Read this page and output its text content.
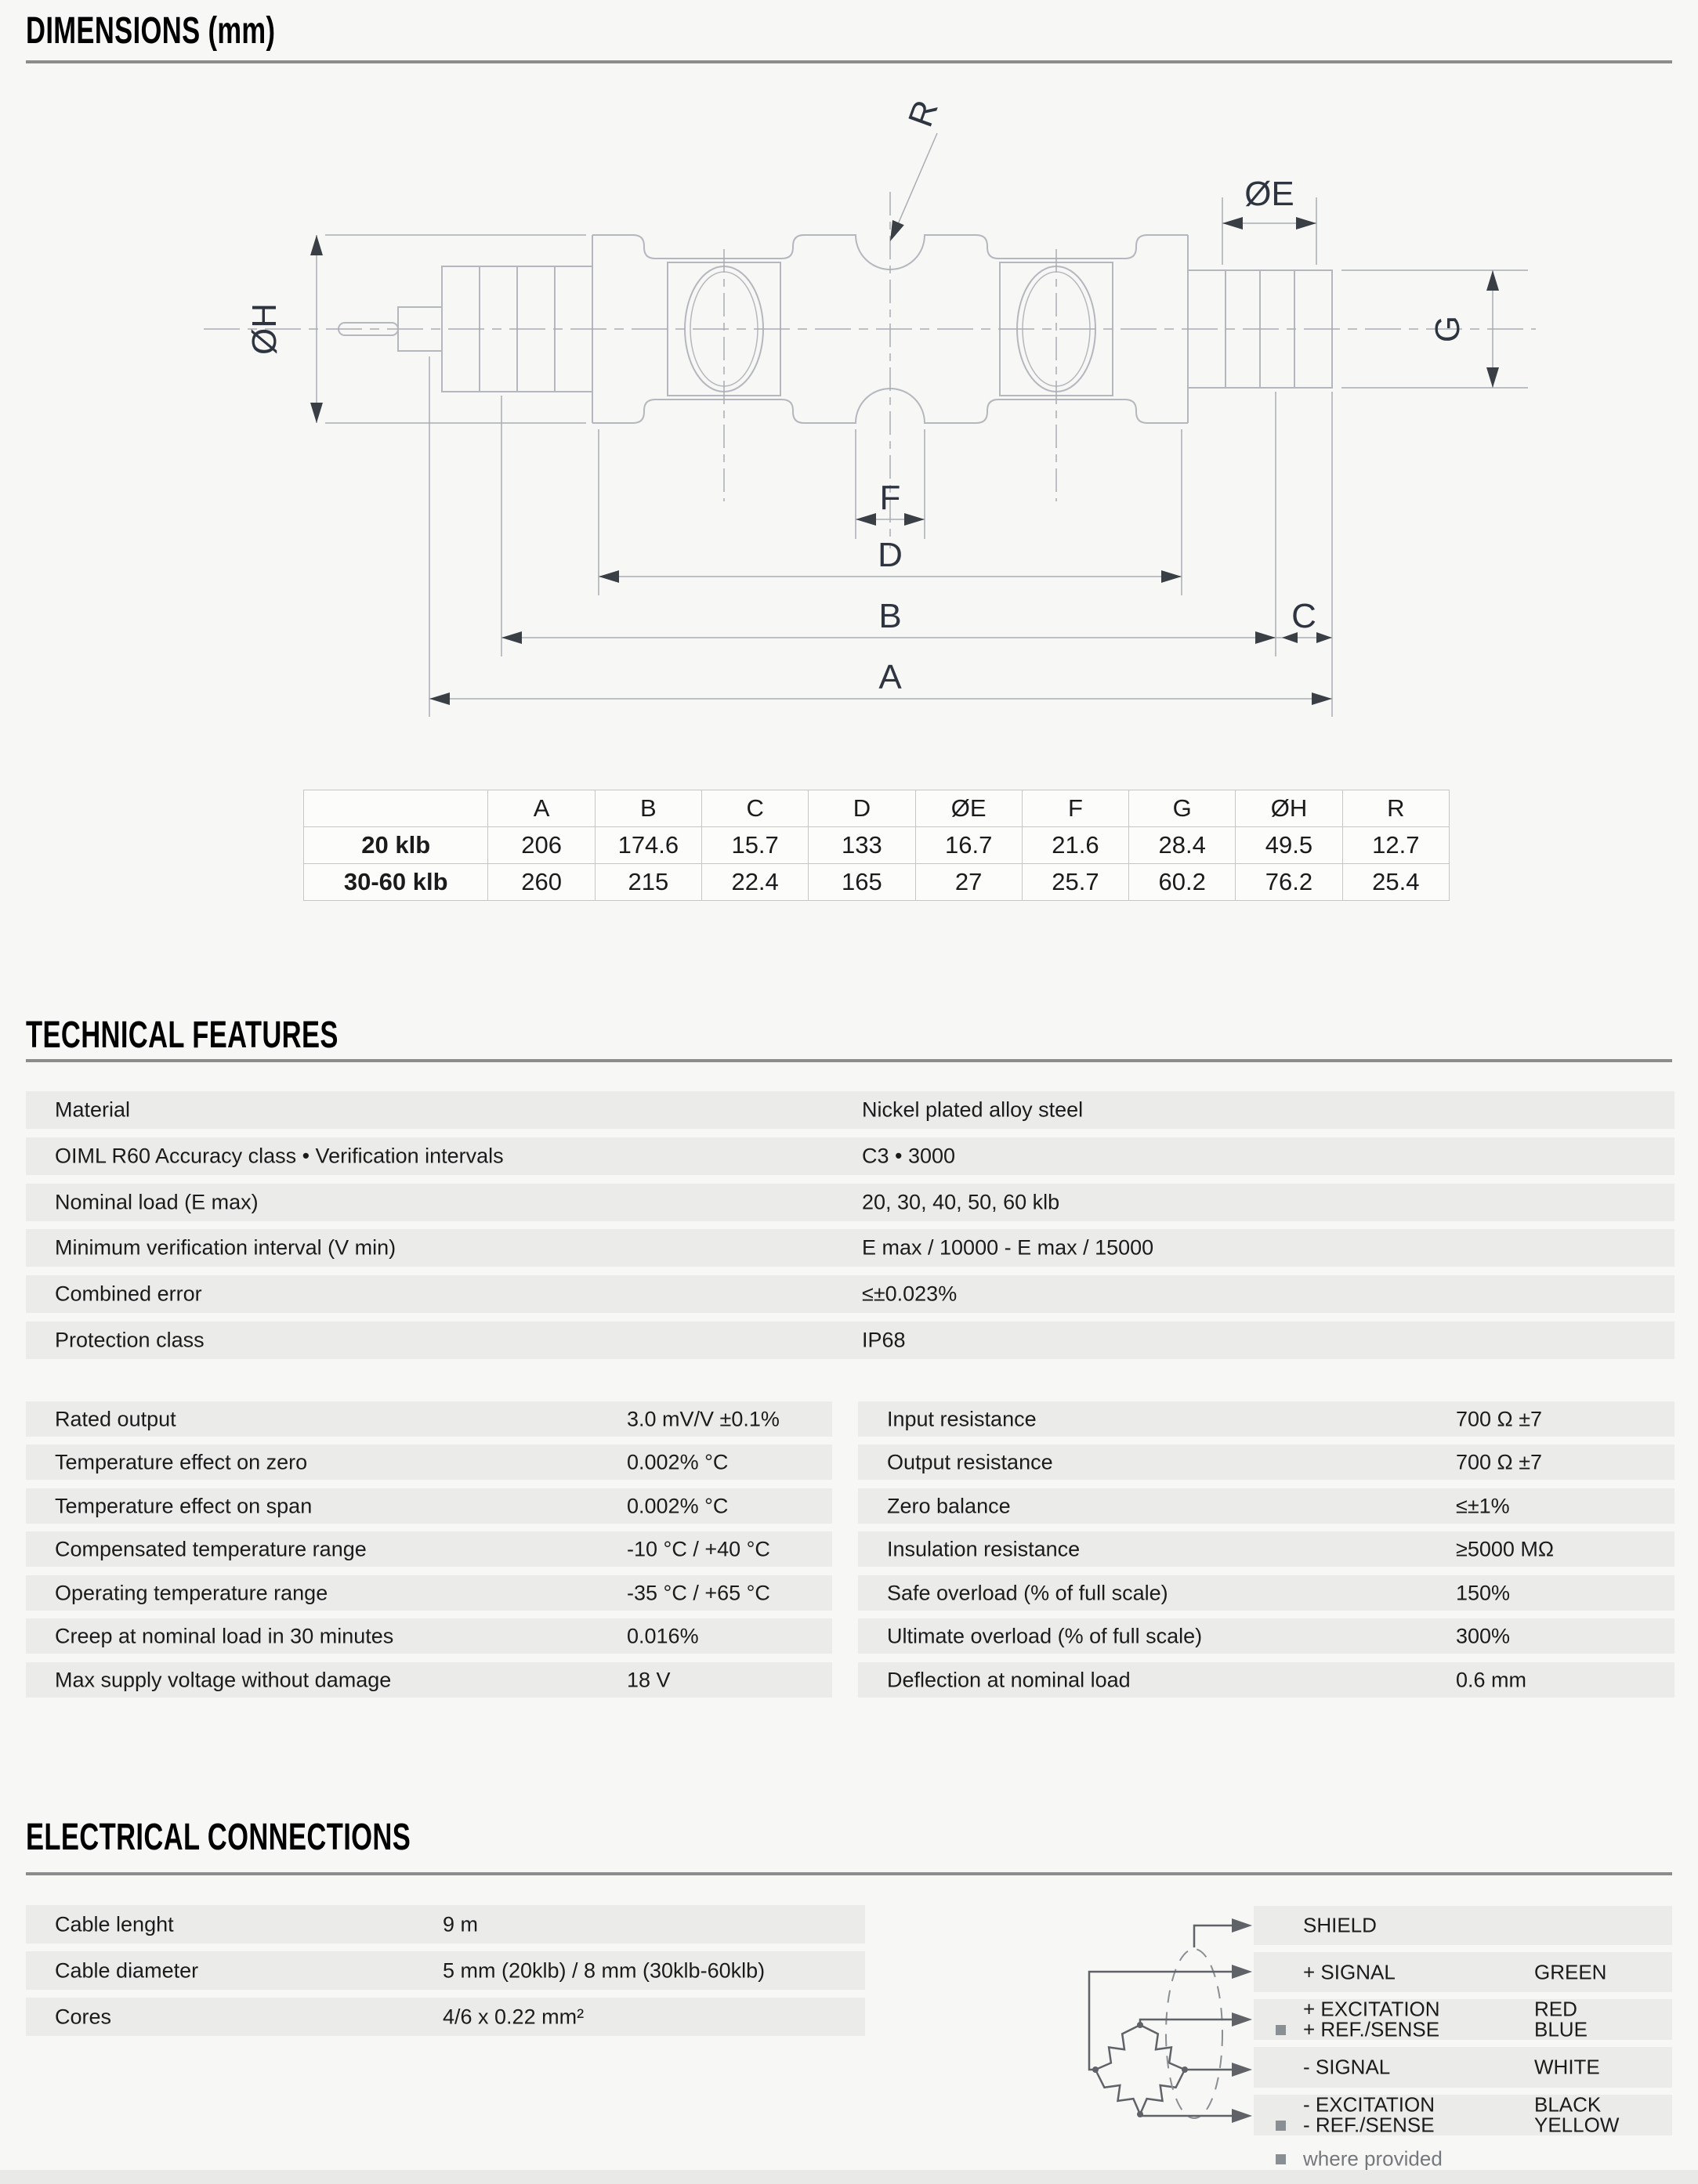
DIMENSIONS (mm)
ØH
R
ØE
G
F
D
B	C
A
	A	B	C	D	ØE	F	G	ØH	R
20 klb	206	174.6	15.7	133	16.7	21.6	28.4	49.5	12.7
30-60 klb	260	215	22.4	165	27	25.7	60.2	76.2	25.4
TECHNICAL FEATURES
Material	Nickel plated alloy steel
OIML R60 Accuracy class • Verification intervals	C3 • 3000
Nominal load (E max)	20, 30, 40, 50, 60 klb
Minimum verification interval (V min)	E max / 10000 - E max / 15000
Combined error	≤±0.023%
Protection class	IP68
Rated output	3.0 mV/V ±0.1%
Temperature effect on zero	0.002% °C
Temperature effect on span	0.002% °C
Compensated temperature range	-10 °C / +40 °C
Operating temperature range	-35 °C / +65 °C
Creep at nominal load in 30 minutes	0.016%
Max supply voltage without damage	18 V
Input resistance	700 Ω ±7
Output resistance	700 Ω ±7
Zero balance	≤±1%
Insulation resistance	≥5000 MΩ
Safe overload (% of full scale)	150%
Ultimate overload (% of full scale)	300%
Deflection at nominal load	0.6 mm
ELECTRICAL CONNECTIONS
Cable lenght	9 m
Cable diameter	5 mm (20klb) / 8 mm (30klb-60klb)
Cores	4/6 x 0.22 mm²
SHIELD
+ SIGNAL	GREEN
+ EXCITATION	RED
+ REF./SENSE	BLUE
- SIGNAL	WHITE
- EXCITATION	BLACK
- REF./SENSE	YELLOW
where provided
